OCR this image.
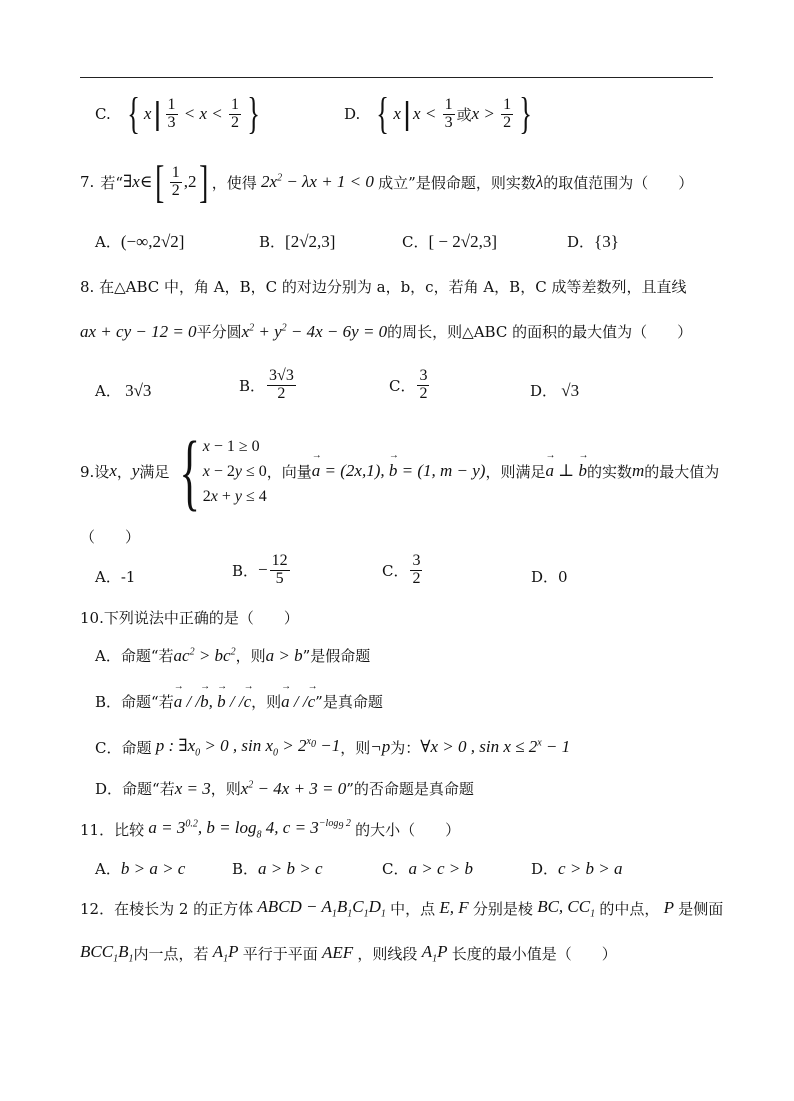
C. { x | $\frac{1}{3} < x < \frac{1}{2}$ }	D. { x | $x < \frac{1}{3}$ 或 $x > \frac{1}{2}$ }
7. 若“ ∃ x ∈ [ $\frac{1}{2} ,2$ ] ，使得 $2x^2 - \lambda x + 1 < 0$ 成立”是假命题，则实数 λ 的取值范围为（　　）
A． (−∞,2√2]	B． [2√2,3]	C． [ − 2√2,3]	D． {3}
8. 在△ABC 中，角 A，B，C 的对边分别为 a，b，c，若角 A，B，C 成等差数列，且直线
ax + cy − 12 = 0 平分圆 $x^2 + y^2 - 4x - 6y = 0$ 的周长，则△ABC 的面积的最大值为（　　）
A． 3√3	B． $\frac{3√3}{2}$	C． $\frac{3}{2}$	D． √3
9.设 x ， y 满足 { x − 1 ≥ 0
x − 2y ≤ 0
2x + y ≤ 4
，向量 → a = (2x,1), → b = (1, m − y) ，则满足 → a ⊥ → b 的实数 m 的最大值为
（　　）
A．-1	B． − $\frac{12}{5}$	C． $\frac{3}{2}$	D．0
10.下列说法中正确的是（　　）
A．命题“若 $ac^2 > bc^2$ ，则 a > b ”是假命题
B．命题“若 → a / /→ b, → b / /→ c ，则 → a / /→ c ”是真命题
C．命题 p : $\exists x_0 > 0$ , $\sin x_0 > 2^{x_0} -1$ ，则 ¬p 为： ∀x > 0 , $\sin x \le 2^x - 1$
D．命题“若 x = 3 ，则 $x^2 - 4x + 3 = 0$ ”的否命题是真命题
11．比较 $a = 3^{0.2}$, $b = \log_8 4$, $c = 3^{-log_9 2}$ 的大小（　　）
A． b > a > c	B． a > b > c	C． a > c > b	D． c > b > a
12．在棱长为 2 的正方体 ABCD − $A_1B_1C_1D_1$ 中，点 E, F 分别是棱 BC, $CC_1$ 的中点， P 是侧面
$BCC_1B_1$ 内一点，若 $A_1P$ 平行于平面 AEF ，则线段 $A_1P$ 长度的最小值是（　　）
